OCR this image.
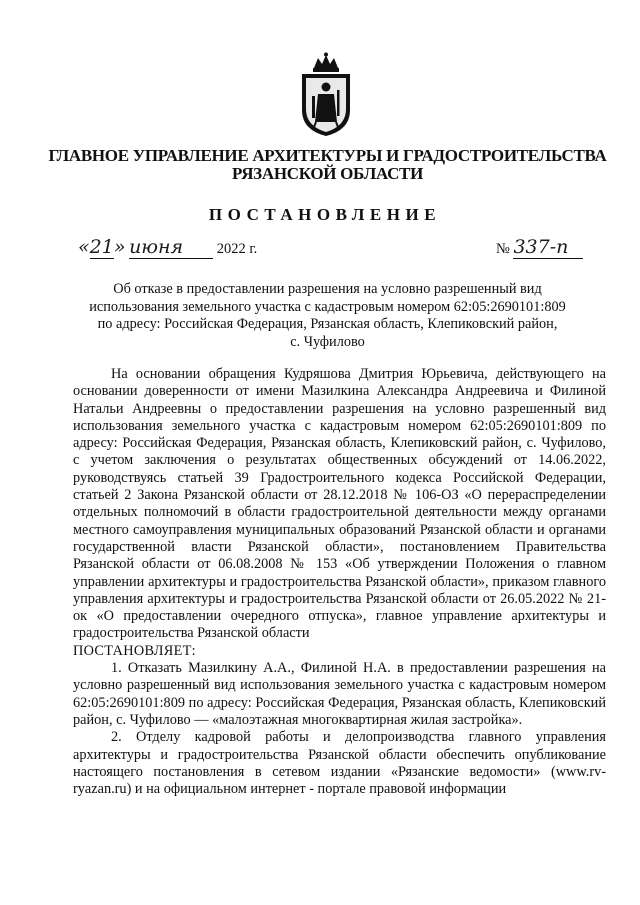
ГЛАВНОЕ УПРАВЛЕНИЕ АРХИТЕКТУРЫ И ГРАДОСТРОИТЕЛЬСТВА
РЯЗАНСКОЙ ОБЛАСТИ
ПОСТАНОВЛЕНИЕ
«21» июня 2022 г.	№ 337-п
Об отказе в предоставлении разрешения на условно разрешенный вид
использования земельного участка с кадастровым номером 62:05:2690101:809
по адресу: Российская Федерация, Рязанская область, Клепиковский район,
с. Чуфилово

На основании обращения Кудряшова Дмитрия Юрьевича, действующего на основании доверенности от имени Мазилкина Александра Андреевича и Филиной Натальи Андреевны о предоставлении разрешения на условно разрешенный вид использования земельного участка с кадастровым номером 62:05:2690101:809 по адресу: Российская Федерация, Рязанская область, Клепиковский район, с. Чуфилово, с учетом заключения о результатах общественных обсуждений от 14.06.2022, руководствуясь статьей 39 Градостроительного кодекса Российской Федерации, статьей 2 Закона Рязанской области от 28.12.2018 № 106-ОЗ «О перераспределении отдельных полномочий в области градостроительной деятельности между органами местного самоуправления муниципальных образований Рязанской области и органами государственной власти Рязанской области», постановлением Правительства Рязанской области от 06.08.2008 № 153 «Об утверждении Положения о главном управлении архитектуры и градостроительства Рязанской области», приказом главного управления архитектуры и градостроительства Рязанской области от 26.05.2022 № 21-ок «О предоставлении очередного отпуска», главное управление архитектуры и градостроительства Рязанской области

ПОСТАНОВЛЯЕТ:

1. Отказать Мазилкину А.А., Филиной Н.А. в предоставлении разрешения на условно разрешенный вид использования земельного участка с кадастровым номером 62:05:2690101:809 по адресу: Российская Федерация, Рязанская область, Клепиковский район, с. Чуфилово — «малоэтажная многоквартирная жилая застройка».

2. Отделу кадровой работы и делопроизводства главного управления архитектуры и градостроительства Рязанской области обеспечить опубликование настоящего постановления в сетевом издании «Рязанские ведомости» (www.rv-ryazan.ru) и на официальном интернет - портале правовой информации
